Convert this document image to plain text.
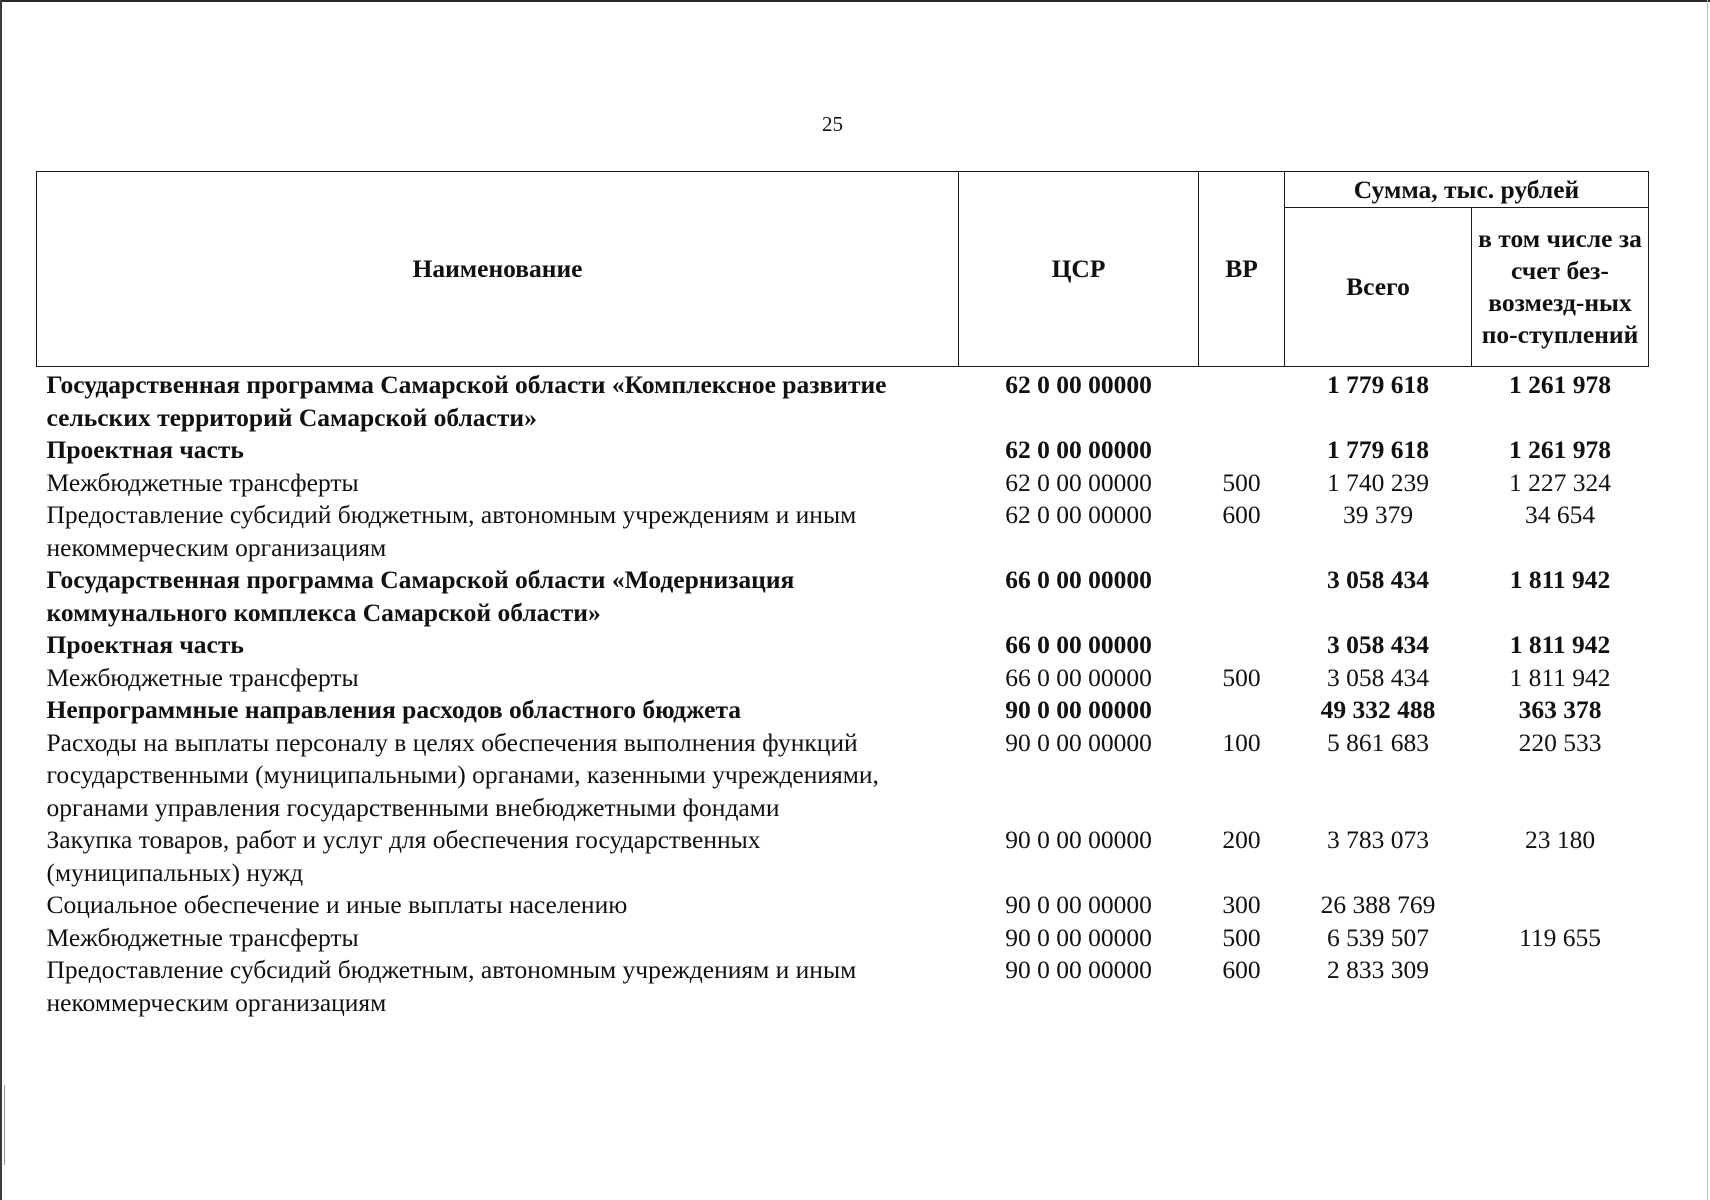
25
Наименование	ЦСР	ВР	Сумма, тыс. рублей	
			Всего	в том числе за счет без-возмезд-ных по-ступлений
Государственная программа Самарской области «Комплексное развитие сельских территорий Самарской области»	62 0 00 00000		1 779 618	1 261 978
Проектная часть	62 0 00 00000		1 779 618	1 261 978
Межбюджетные трансферты	62 0 00 00000	500	1 740 239	1 227 324
Предоставление субсидий бюджетным, автономным учреждениям и иным некоммерческим организациям	62 0 00 00000	600	39 379	34 654
Государственная программа Самарской области «Модернизация коммунального комплекса Самарской области»	66 0 00 00000		3 058 434	1 811 942
Проектная часть	66 0 00 00000		3 058 434	1 811 942
Межбюджетные трансферты	66 0 00 00000	500	3 058 434	1 811 942
Непрограммные направления расходов областного бюджета	90 0 00 00000		49 332 488	363 378
Расходы на выплаты персоналу в целях обеспечения выполнения функций государственными (муниципальными) органами, казенными учреждениями, органами управления государственными внебюджетными фондами	90 0 00 00000	100	5 861 683	220 533
Закупка товаров, работ и услуг для обеспечения государственных (муниципальных) нужд	90 0 00 00000	200	3 783 073	23 180
Социальное обеспечение и иные выплаты населению	90 0 00 00000	300	26 388 769	
Межбюджетные трансферты	90 0 00 00000	500	6 539 507	119 655
Предоставление субсидий бюджетным, автономным учреждениям и иным некоммерческим организациям	90 0 00 00000	600	2 833 309	
